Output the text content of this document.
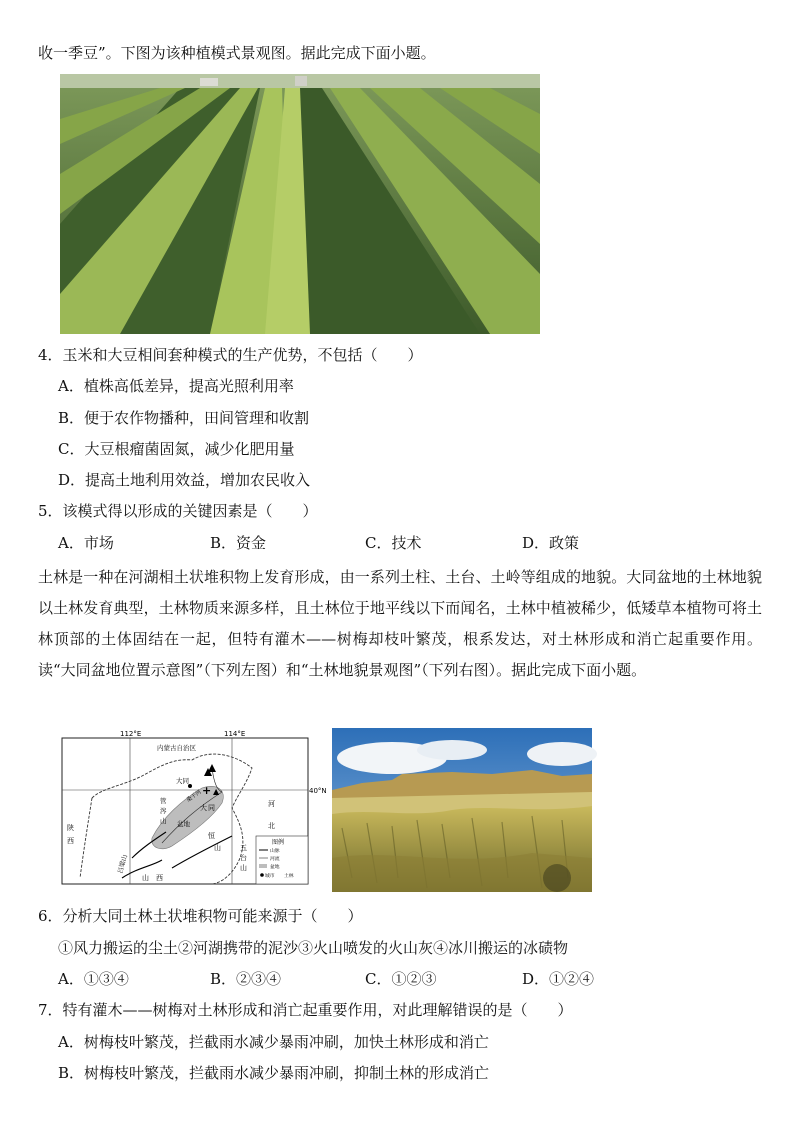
收一季豆”。下图为该种植模式景观图。据此完成下面小题。
4．玉米和大豆相间套种模式的生产优势，不包括（　　）
A．植株高低差异，提高光照利用率
B．便于农作物播种，田间管理和收割
C．大豆根瘤菌固氮，减少化肥用量
D．提高土地利用效益，增加农民收入
5．该模式得以形成的关键因素是（　　）
A．市场	B．资金	C．技术	D．政策
土林是一种在河湖相土状堆积物上发育形成，由一系列土柱、土台、土岭等组成的地貌。大同盆地的土林地貌以土林发育典型，土林物质来源多样，且土林位于地平线以下而闻名，土林中植被稀少，低矮草本植物可将土林顶部的土体固结在一起，但特有灌木——树梅却枝叶繁茂，根系发达，对土林形成和消亡起重要作用。读“大同盆地位置示意图”（下列左图）和“土林地貌景观图”（下列右图）。据此完成下面小题。
112°E	114°E
40°N
大同
内蒙古自治区
+ ▲
大 同
盆地
桑干河
管
涔
山
恒
山	五
台
山
吕梁山
陕
西
山　西
河
北
图例
山脉
河流
盆地
城市 土林
6．分析大同土林土状堆积物可能来源于（　　）
①风力搬运的尘土②河湖携带的泥沙③火山喷发的火山灰④冰川搬运的冰碛物
A．①③④	B．②③④	C．①②③	D．①②④
7．特有灌木——树梅对土林形成和消亡起重要作用，对此理解错误的是（　　）
A．树梅枝叶繁茂，拦截雨水减少暴雨冲刷，加快土林形成和消亡
B．树梅枝叶繁茂，拦截雨水减少暴雨冲刷，抑制土林的形成消亡
